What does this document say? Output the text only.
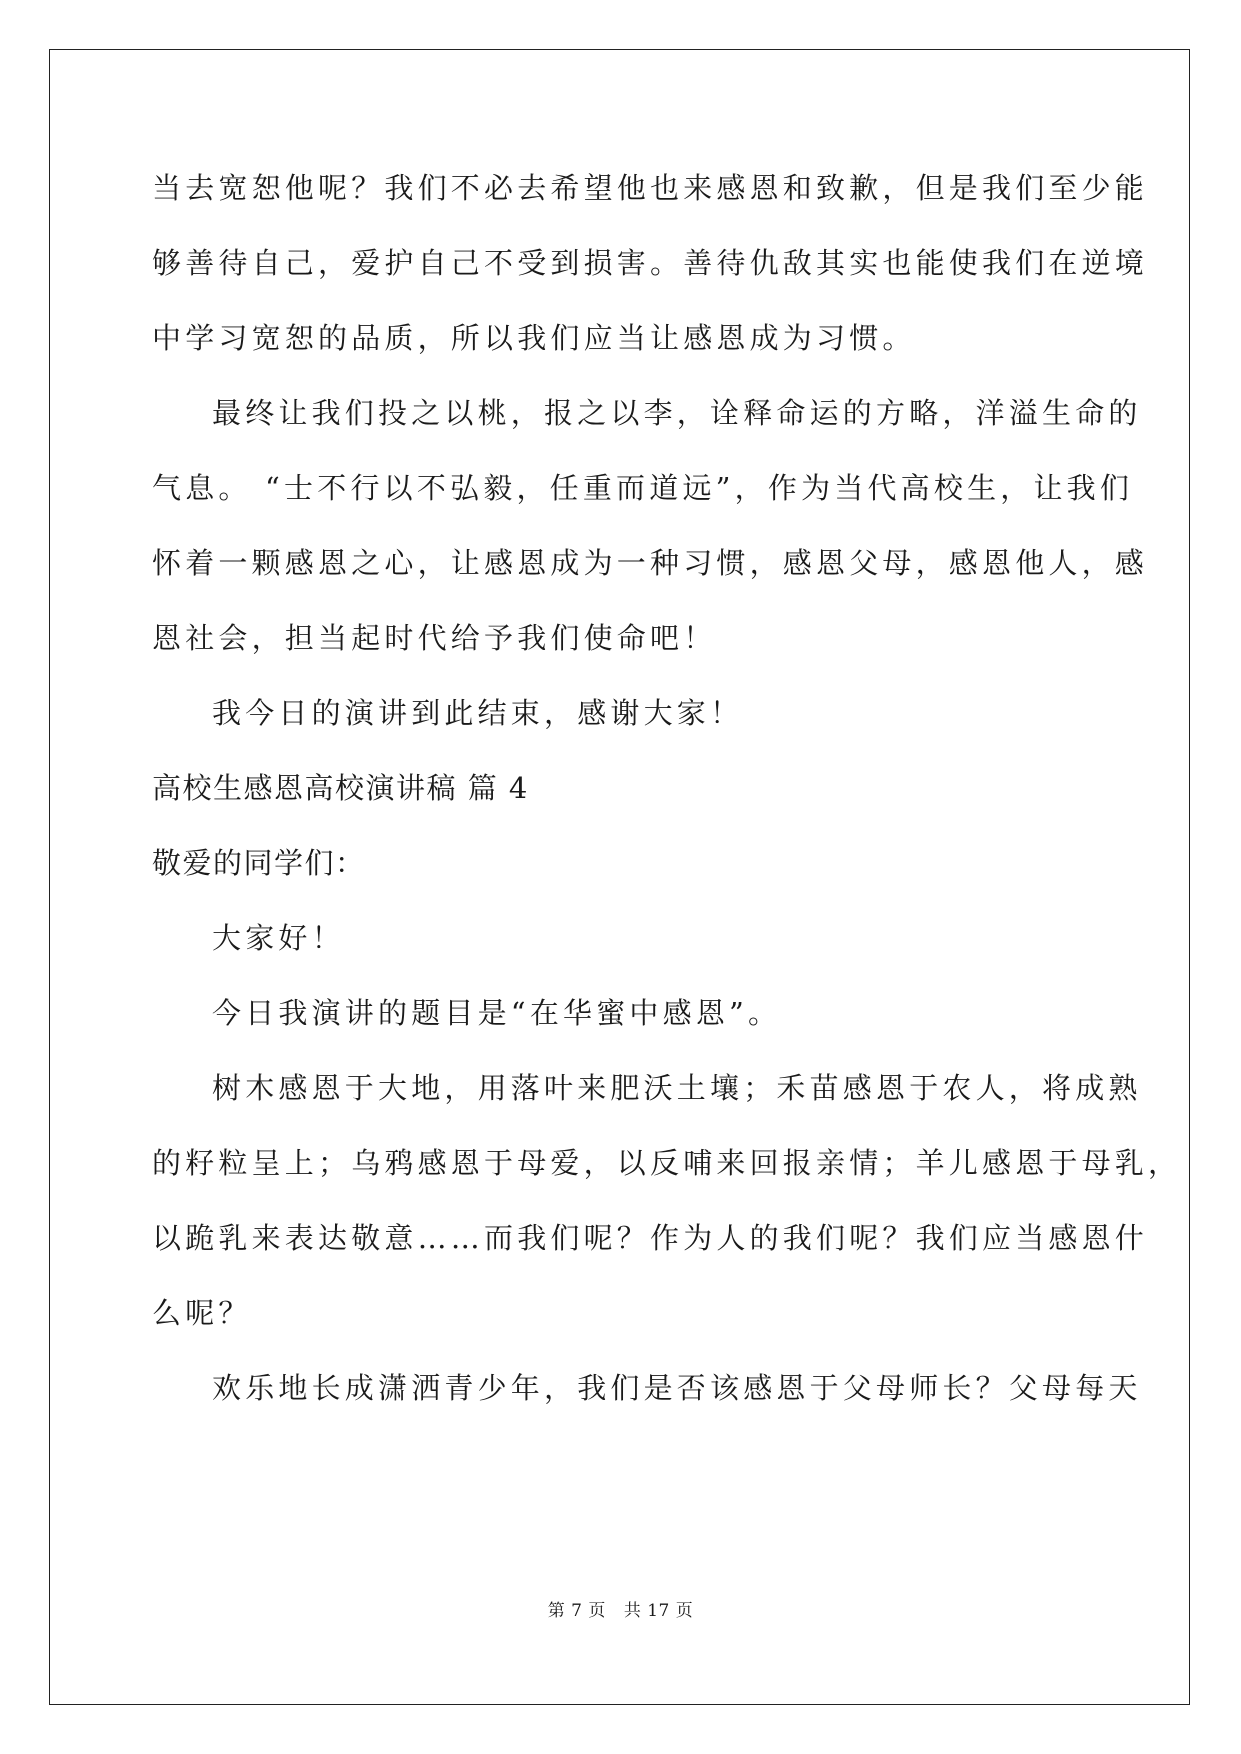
当去宽恕他呢？我们不必去希望他也来感恩和致歉，但是我们至少能
够善待自己，爱护自己不受到损害。善待仇敌其实也能使我们在逆境
中学习宽恕的品质，所以我们应当让感恩成为习惯。
最终让我们投之以桃，报之以李，诠释命运的方略，洋溢生命的
气息。 “士不行以不弘毅，任重而道远”，作为当代高校生，让我们
怀着一颗感恩之心，让感恩成为一种习惯，感恩父母，感恩他人，感
恩社会，担当起时代给予我们使命吧！
我今日的演讲到此结束，感谢大家！
高校生感恩高校演讲稿 篇 4
敬爱的同学们：
大家好！
今日我演讲的题目是“在华蜜中感恩”。
树木感恩于大地，用落叶来肥沃土壤；禾苗感恩于农人，将成熟
的籽粒呈上；乌鸦感恩于母爱，以反哺来回报亲情；羊儿感恩于母乳，
以跪乳来表达敬意……而我们呢？作为人的我们呢？我们应当感恩什
么呢？
欢乐地长成潇洒青少年，我们是否该感恩于父母师长？父母每天
第 7 页 共 17 页
